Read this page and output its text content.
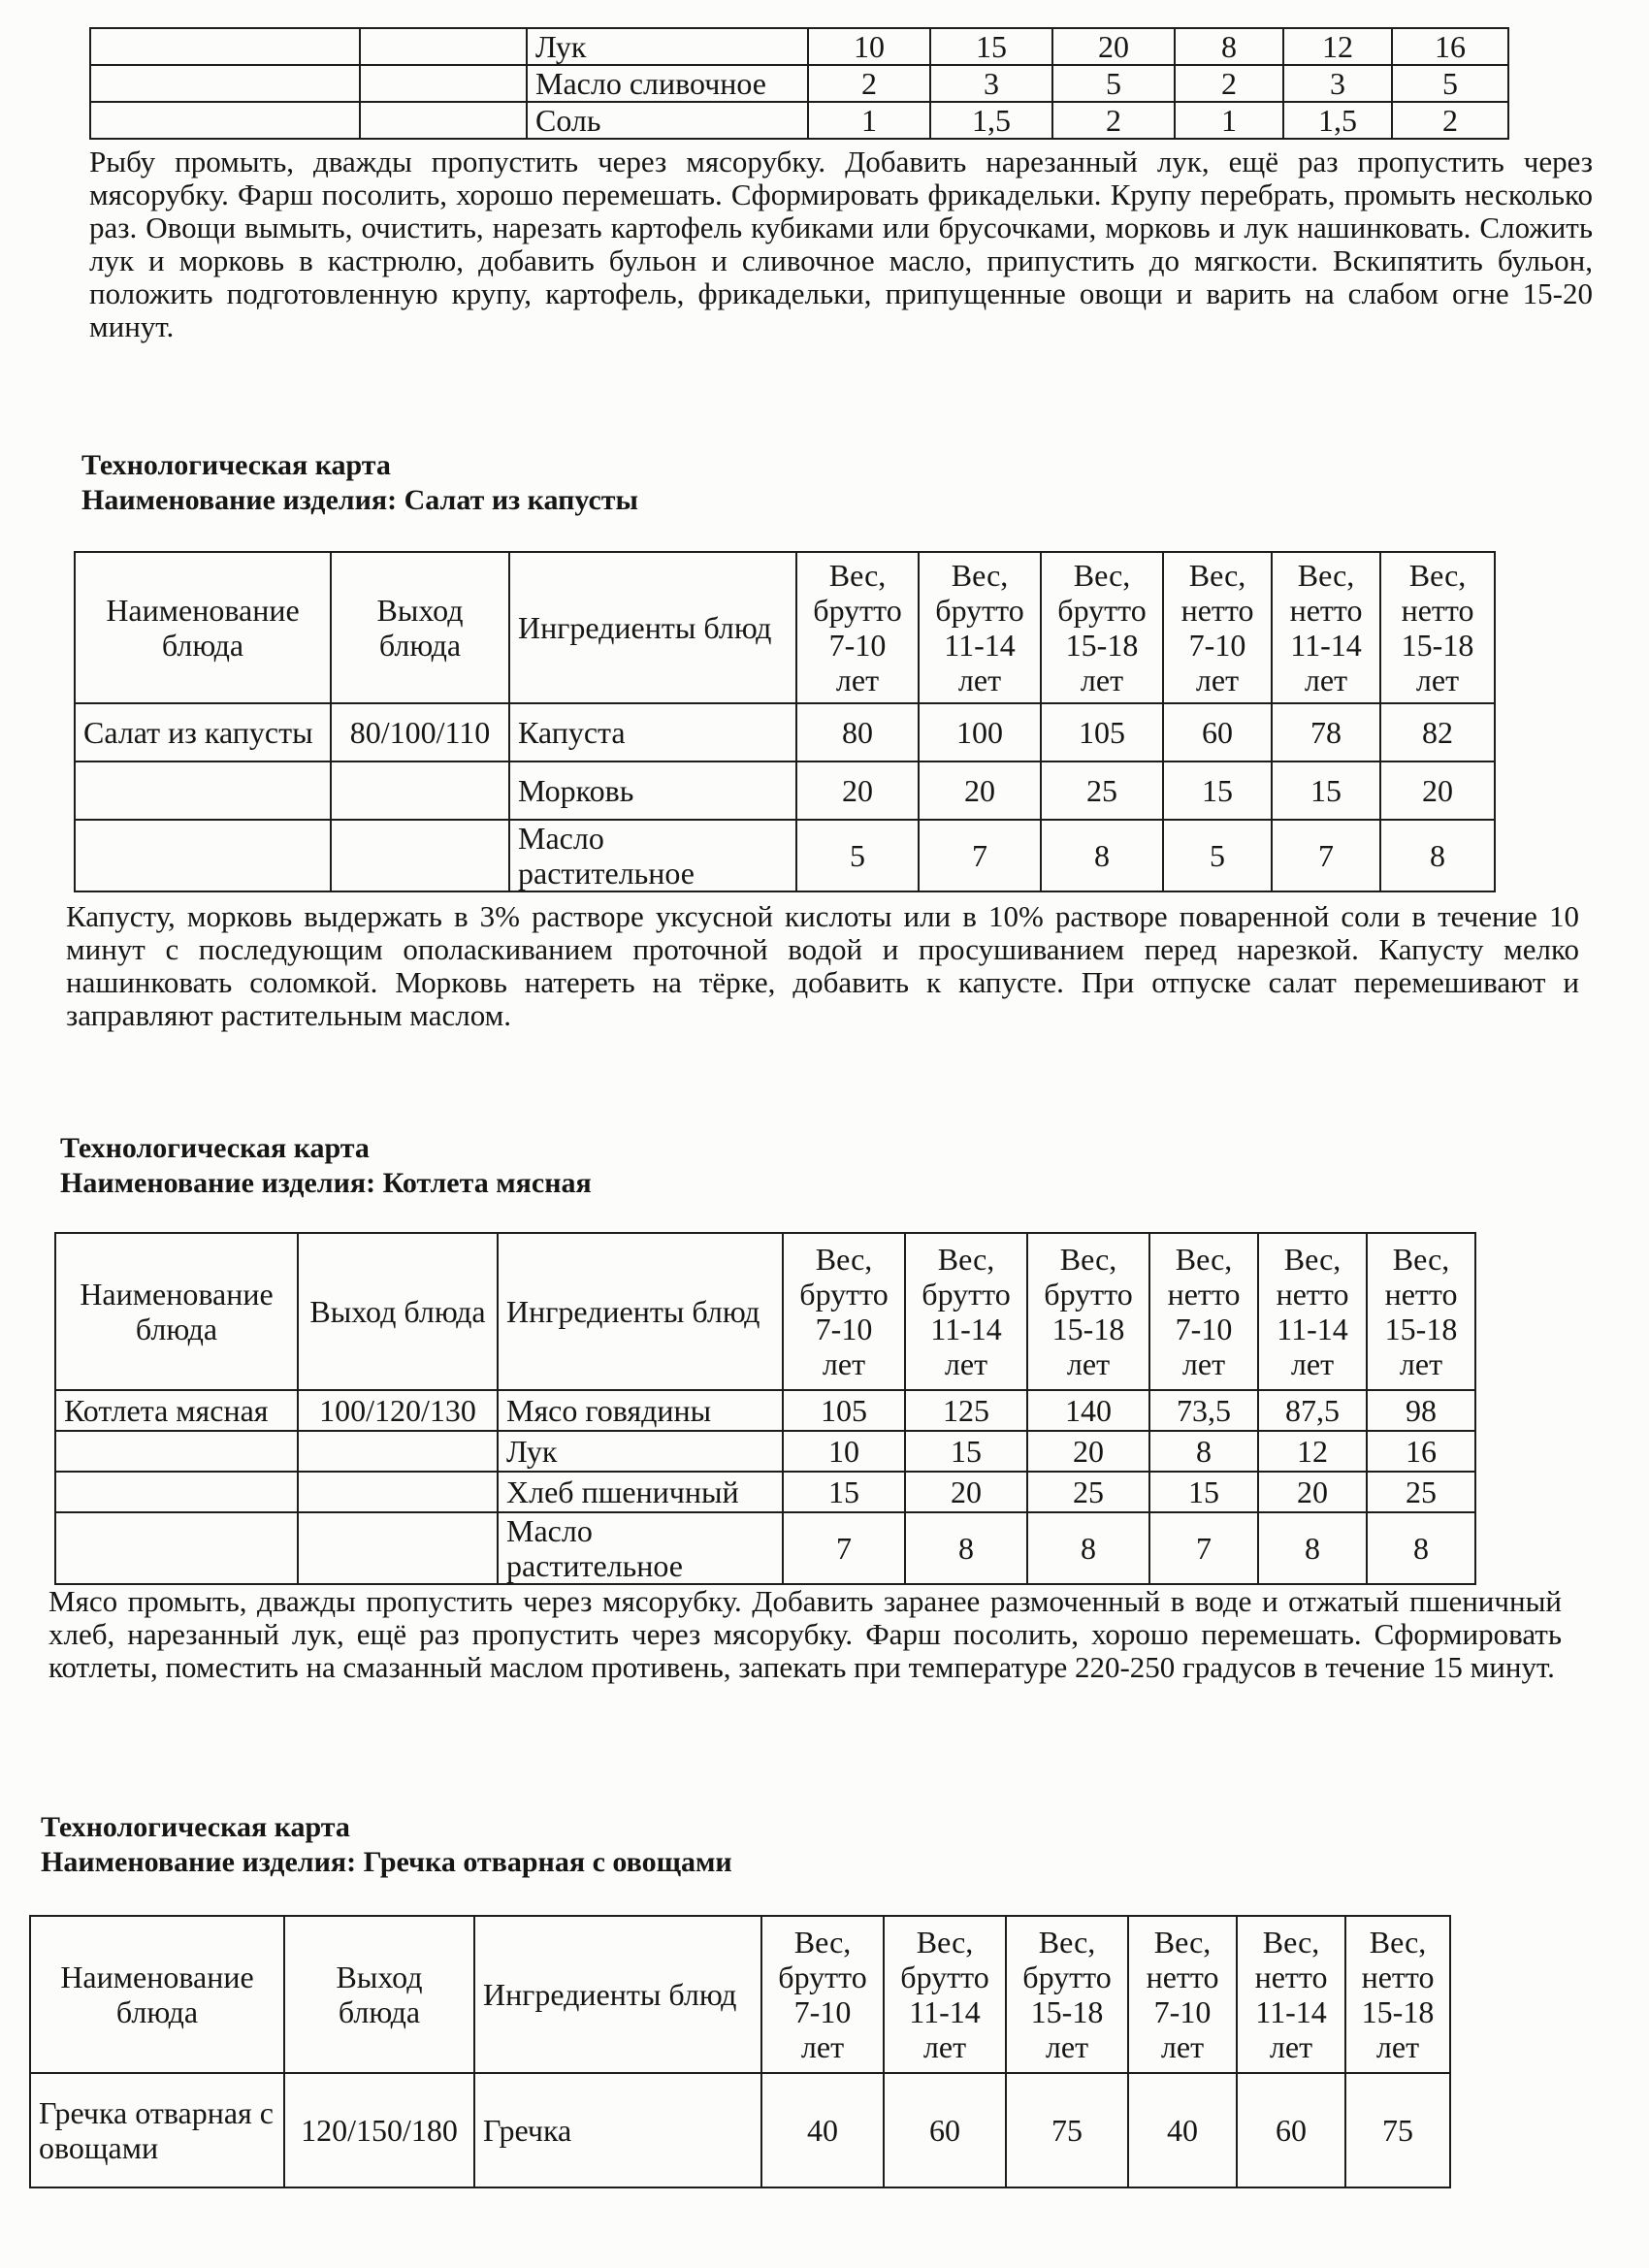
		Лук	10	15	20	8	12	16
		Масло сливочное	2	3	5	2	3	5
		Соль	1	1,5	2	1	1,5	2

Рыбу промыть, дважды пропустить через мясорубку. Добавить нарезанный лук, ещё раз пропустить через мясорубку. Фарш посолить, хорошо перемешать. Сформировать фрикадельки. Крупу перебрать, промыть несколько раз. Овощи вымыть, очистить, нарезать картофель кубиками или брусочками, морковь и лук нашинковать. Сложить лук и морковь в кастрюлю, добавить бульон и сливочное масло, припустить до мягкости. Вскипятить бульон, положить подготовленную крупу, картофель, фрикадельки, припущенные овощи и варить на слабом огне 15-20 минут.

Технологическая карта
Наименование изделия: Салат из капусты
Наименование блюда	Выход блюда	Ингредиенты блюд	Вес, брутто 7-10 лет	Вес, брутто 11-14 лет	Вес, брутто 15-18 лет	Вес, нетто 7-10 лет	Вес, нетто 11-14 лет	Вес, нетто 15-18 лет
Салат из капусты	80/100/110	Капуста	80	100	105	60	78	82
		Морковь	20	20	25	15	15	20
		Масло растительное	5	7	8	5	7	8

Капусту, морковь выдержать в 3% растворе уксусной кислоты или в 10% растворе поваренной соли в течение 10 минут с последующим ополаскиванием проточной водой и просушиванием перед нарезкой. Капусту мелко нашинковать соломкой. Морковь натереть на тёрке, добавить к капусте. При отпуске салат перемешивают и заправляют растительным маслом.

Технологическая карта
Наименование изделия: Котлета мясная
Наименование блюда	Выход блюда	Ингредиенты блюд	Вес, брутто 7-10 лет	Вес, брутто 11-14 лет	Вес, брутто 15-18 лет	Вес, нетто 7-10 лет	Вес, нетто 11-14 лет	Вес, нетто 15-18 лет
Котлета мясная	100/120/130	Мясо говядины	105	125	140	73,5	87,5	98
		Лук	10	15	20	8	12	16
		Хлеб пшеничный	15	20	25	15	20	25
		Масло растительное	7	8	8	7	8	8

Мясо промыть, дважды пропустить через мясорубку. Добавить заранее размоченный в воде и отжатый пшеничный хлеб, нарезанный лук, ещё раз пропустить через мясорубку. Фарш посолить, хорошо перемешать. Сформировать котлеты, поместить на смазанный маслом противень, запекать при температуре 220-250 градусов в течение 15 минут.

Технологическая карта
Наименование изделия: Гречка отварная с овощами
Наименование блюда	Выход блюда	Ингредиенты блюд	Вес, брутто 7-10 лет	Вес, брутто 11-14 лет	Вес, брутто 15-18 лет	Вес, нетто 7-10 лет	Вес, нетто 11-14 лет	Вес, нетто 15-18 лет
Гречка отварная с овощами	120/150/180	Гречка	40	60	75	40	60	75
